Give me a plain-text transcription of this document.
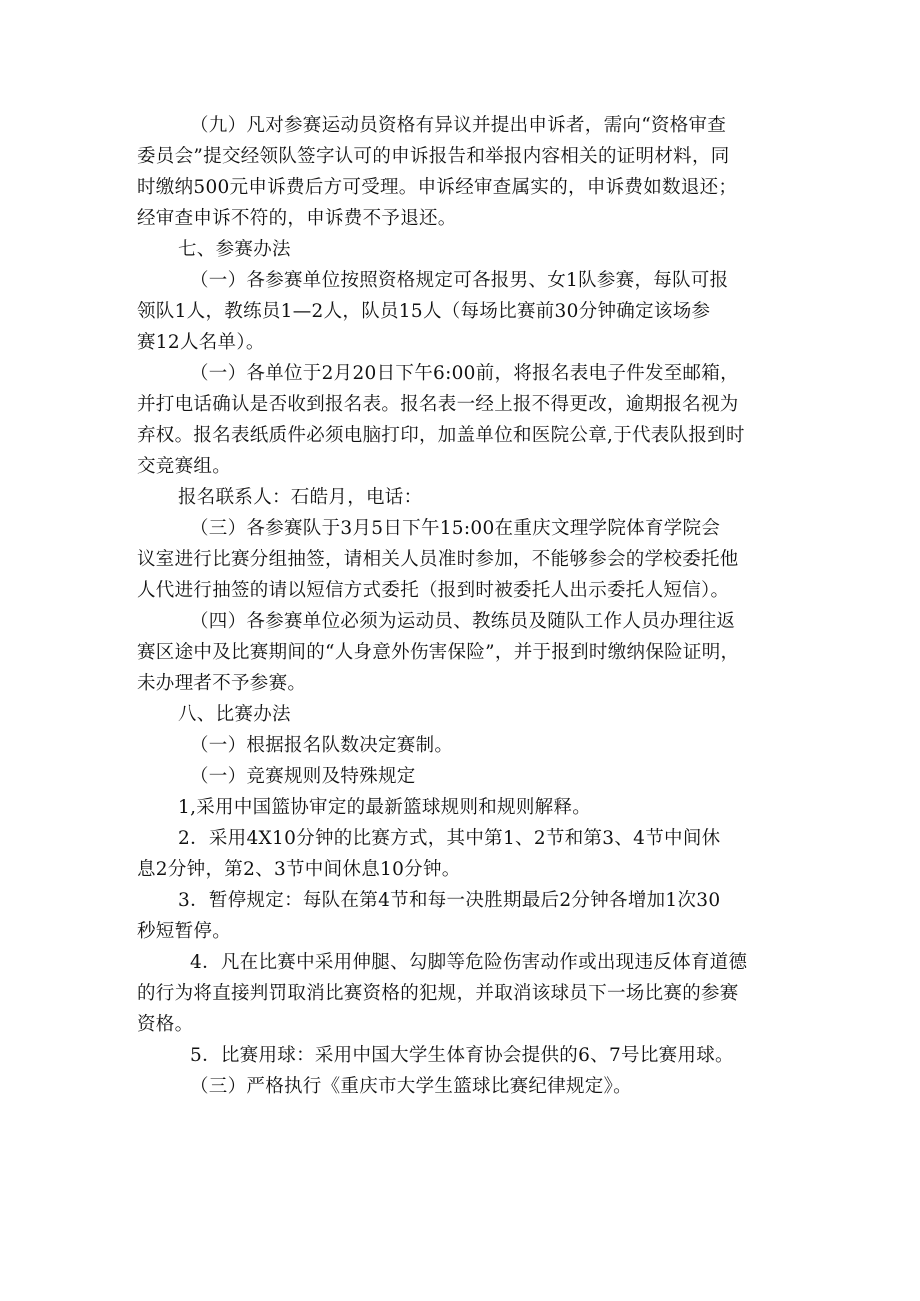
（九）凡对参赛运动员资格有异议并提出申诉者，需向“资格审查
委员会”提交经领队签字认可的申诉报告和举报内容相关的证明材料，同
时缴纳500元申诉费后方可受理。申诉经审查属实的，申诉费如数退还；
经审查申诉不符的，申诉费不予退还。
七、参赛办法
（一）各参赛单位按照资格规定可各报男、女1队参赛，每队可报
领队1人，教练员1—2人，队员15人（每场比赛前30分钟确定该场参
赛12人名单）。
（一）各单位于2月20日下午6:00前，将报名表电子件发至邮箱，
并打电话确认是否收到报名表。报名表一经上报不得更改，逾期报名视为
弃权。报名表纸质件必须电脑打印，加盖单位和医院公章,于代表队报到时
交竞赛组。
报名联系人：石皓月，电话：
（三）各参赛队于3月5日下午15:00在重庆文理学院体育学院会
议室进行比赛分组抽签，请相关人员准时参加，不能够参会的学校委托他
人代进行抽签的请以短信方式委托（报到时被委托人出示委托人短信）。
（四）各参赛单位必须为运动员、教练员及随队工作人员办理往返
赛区途中及比赛期间的“人身意外伤害保险”，并于报到时缴纳保险证明，
未办理者不予参赛。
八、比赛办法
（一）根据报名队数决定赛制。
（一）竞赛规则及特殊规定
1,采用中国篮协审定的最新篮球规则和规则解释。
2．采用4X10分钟的比赛方式，其中第1、2节和第3、4节中间休
息2分钟，第2、3节中间休息10分钟。
3．暂停规定：每队在第4节和每一决胜期最后2分钟各增加1次30
秒短暂停。
4．凡在比赛中采用伸腿、勾脚等危险伤害动作或出现违反体育道德
的行为将直接判罚取消比赛资格的犯规，并取消该球员下一场比赛的参赛
资格。
5．比赛用球：采用中国大学生体育协会提供的6、7号比赛用球。
（三）严格执行《重庆市大学生篮球比赛纪律规定》。
